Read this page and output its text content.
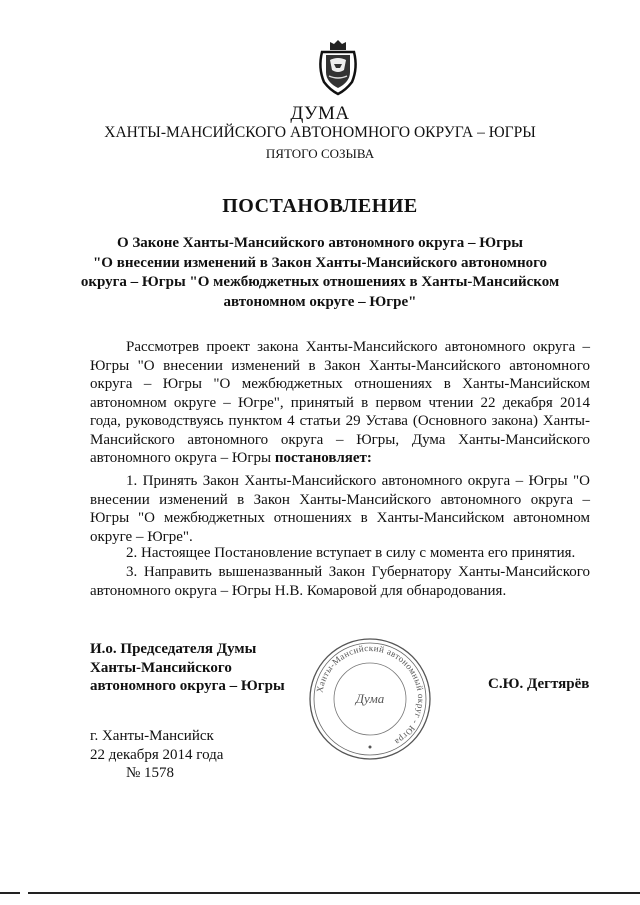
ДУМА
ХАНТЫ-МАНСИЙСКОГО АВТОНОМНОГО ОКРУГА – ЮГРЫ
ПЯТОГО СОЗЫВА
ПОСТАНОВЛЕНИЕ
О Законе Ханты-Мансийского автономного округа – Югры
"О внесении изменений в Закон Ханты-Мансийского автономного
округа – Югры "О межбюджетных отношениях в Ханты-Мансийском
автономном округе – Югре"
Рассмотрев проект закона Ханты-Мансийского автономного округа – Югры "О внесении изменений в Закон Ханты-Мансийского автономного округа – Югры "О межбюджетных отношениях в Ханты-Мансийском автономном округе – Югре", принятый в первом чтении 22 декабря 2014 года, руководствуясь пунктом 4 статьи 29 Устава (Основного закона) Ханты-Мансийского автономного округа – Югры, Дума Ханты-Мансийского автономного округа – Югры постановляет:
1. Принять Закон Ханты-Мансийского автономного округа – Югры "О внесении изменений в Закон Ханты-Мансийского автономного округа – Югры "О межбюджетных отношениях в Ханты-Мансийском автономном округе – Югре".
2. Настоящее Постановление вступает в силу с момента его принятия.
3. Направить вышеназванный Закон Губернатору Ханты-Мансийского автономного округа – Югры Н.В. Комаровой для обнародования.
И.о. Председателя Думы
Ханты-Мансийского
автономного округа – Югры	Ханты-Мансийский автономный округ - Югра
Дума
С.Ю. Дегтярёв
г. Ханты-Мансийск
22 декабря 2014 года
№ 1578
